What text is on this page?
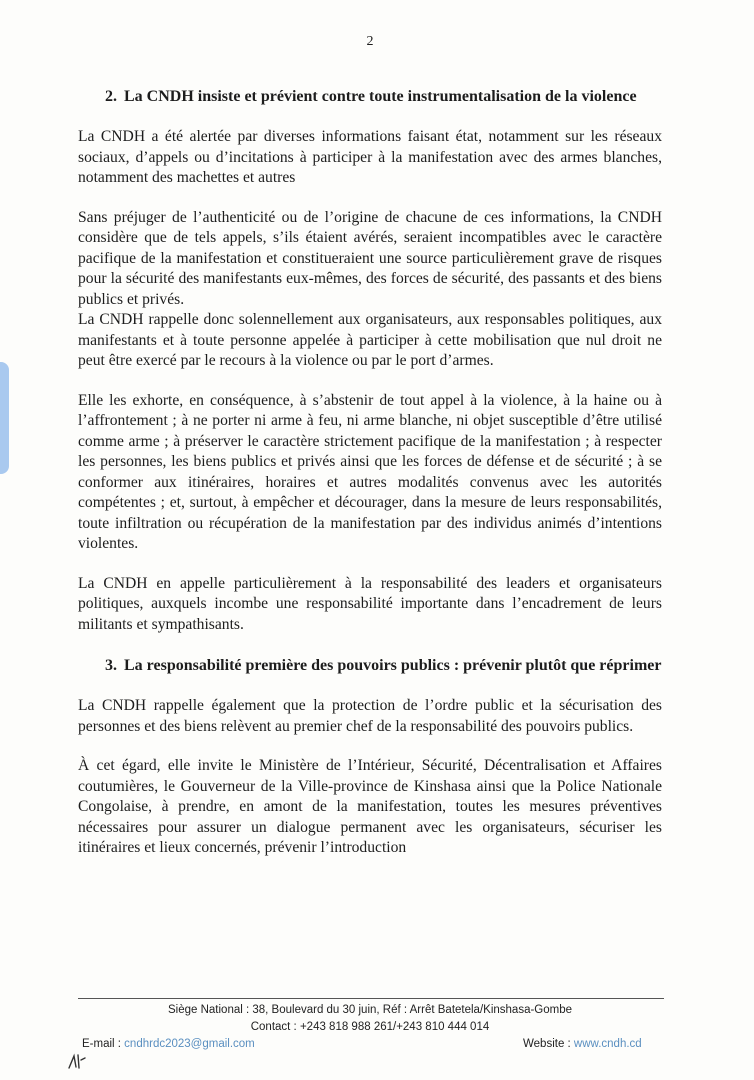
2
2. La CNDH insiste et prévient contre toute instrumentalisation de la violence

La CNDH a été alertée par diverses informations faisant état, notamment sur les réseaux sociaux, d’appels ou d’incitations à participer à la manifestation avec des armes blanches, notamment des machettes et autres

Sans préjuger de l’authenticité ou de l’origine de chacune de ces informations, la CNDH considère que de tels appels, s’ils étaient avérés, seraient incompatibles avec le caractère pacifique de la manifestation et constitueraient une source particulièrement grave de risques pour la sécurité des manifestants eux-mêmes, des forces de sécurité, des passants et des biens publics et privés.

La CNDH rappelle donc solennellement aux organisateurs, aux responsables politiques, aux manifestants et à toute personne appelée à participer à cette mobilisation que nul droit ne peut être exercé par le recours à la violence ou par le port d’armes.

Elle les exhorte, en conséquence, à s’abstenir de tout appel à la violence, à la haine ou à l’affrontement ; à ne porter ni arme à feu, ni arme blanche, ni objet susceptible d’être utilisé comme arme ; à préserver le caractère strictement pacifique de la manifestation ; à respecter les personnes, les biens publics et privés ainsi que les forces de défense et de sécurité ; à se conformer aux itinéraires, horaires et autres modalités convenus avec les autorités compétentes ; et, surtout, à empêcher et décourager, dans la mesure de leurs responsabilités, toute infiltration ou récupération de la manifestation par des individus animés d’intentions violentes.

La CNDH en appelle particulièrement à la responsabilité des leaders et organisateurs politiques, auxquels incombe une responsabilité importante dans l’encadrement de leurs militants et sympathisants.

3. La responsabilité première des pouvoirs publics : prévenir plutôt que réprimer

La CNDH rappelle également que la protection de l’ordre public et la sécurisation des personnes et des biens relèvent au premier chef de la responsabilité des pouvoirs publics.

À cet égard, elle invite le Ministère de l’Intérieur, Sécurité, Décentralisation et Affaires coutumières, le Gouverneur de la Ville-province de Kinshasa ainsi que la Police Nationale Congolaise, à prendre, en amont de la manifestation, toutes les mesures préventives nécessaires pour assurer un dialogue permanent avec les organisateurs, sécuriser les itinéraires et lieux concernés, prévenir l’introduction

Siège National : 38, Boulevard du 30 juin, Réf : Arrêt Batetela/Kinshasa-Gombe
Contact : +243 818 988 261/+243 810 444 014
E-mail : cndhrdc2023@gmail.com	Website : www.cndh.cd
